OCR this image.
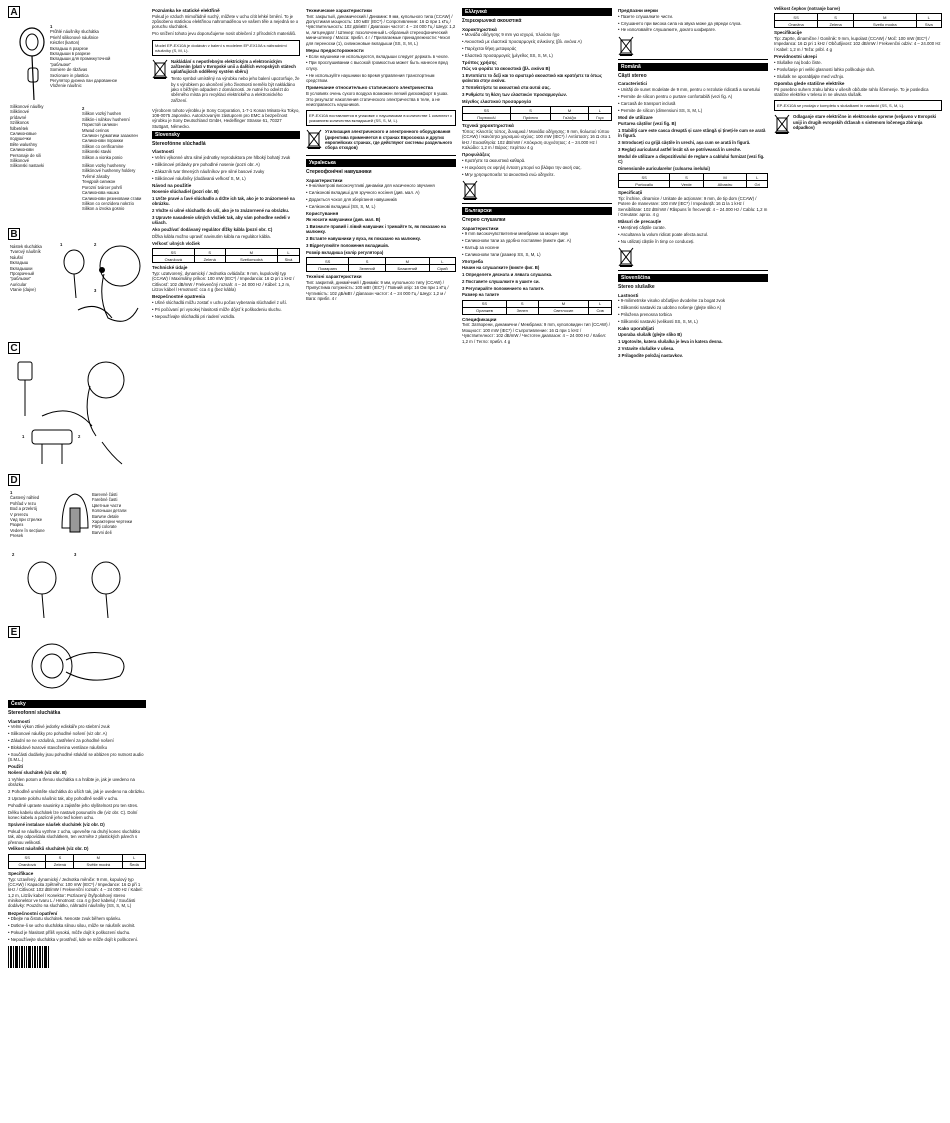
A
1
Průhlé náušníky sluchátka
Priehľ silikonové náušnice
Készlet (karton)
Вкладыш в разрезе
Вкладыши в разрезе
Вкладыши для промежуточной
"рабльоки"
Somiere de răzăvas
Sezionare in plastica
Регулятор диэнна пан дарованное
Vloženie náušnic
Silikonové náušky
Silikónové
prídavné
Szilikonos
fülbetétek
Силиконовые
подушечки
Bête walushny
Силиконови
Personaje de sili
Silikonové
Silikonski nastavki
2
Silikon vozký hushen
Silikón-i náhkov hushenní
Пористой силикон
Mīwad cerinos
Силикон гурматики зазаклен
Силиконови поражки
Silikon co cerificamine
Silikonski stavki
Silikon a vionka ponio
Silikon vozky hushenny
Silikónové hushenny holdery
Tvěrné zásoby
Тендрой силикон
Porozní tvárcer pohrlí
Силиконова нашка
Силиконови резиновани стави
Silikon co cenzidera nokrzio
Silikon a izvoka gosnio
B
Nástek sluchátka
Tvarový náušník
Náušní
Вкладыш
Вкладышки
Прозрачный
"рабльоки"
Auricular
Vtanie (dajve)
1	2
3
C
1	2
D
1
Častený náhled
Pohľad v rezu
Bod a przekrój
V prerezu
Vид при стрелке
Разрез
Vedere în secțiune
Presek
Barevné části
Farebné časti
Цветные части
Колоньши детали
Barwne detale
Характерни чертежи
Părți colorate
Barvni deli
2	3
E
Česky
Stereofonní sluchátka
Vlastnosti

• Velmi výkon ztlivé jedorky ediskáře pro stiebrní zvuk

• Silikonové náušky pro pohodlné nošení (viz obr. A)

• Záludní se ne vzdušná, zastřelení za pohodlné nošení

• Blokádové tvarové stavoženina ventilace náušníku

• Součásti dodávky jsou pohodlné stlukátí se ablázen pro nutnost audio (S.M.L.)

Použití

Nošení sluchátek (viz obr. B)

1 Vyhlen potom a třenou sluchátka s a hrábte je, jak je uvedeno na obrázku.

2 Pohodlně umístěte sluchátka do uších tak, jak je uvedeno na obrázku.

3 Upravte polohu náušnic tak, aby pohodlně seděl v uchu.

Pohodlně upravte nausinky a zajistěte jeho slyšitelnost pro ten stres.

Délku kabelu sluchátek lze nastavit posunutím dle (viz obr. C). Dolní konec kabelu a pazícně jeho teď kolem uchu.

Správné instalace náušek sluchátek (viz obr. D)

Pokud se náušku vytrhne z ucha, upevněte na druhý konec sluchátko tak, aby odpovídala sluchátkem, ten vezměte z plastických párech s přesnou velikostí.

Velikost náušníků sluchátek (viz obr. D)

SS	S	M	L
Oranžová	Zelená	Světle modrá	Šedá
Specifikace

Typ: Uzavřený, dynamický / Jednotka měniče: 9 mm, kopulový typ (CCAW) / Kapacita zpětného: 100 mW (IEC*) / Impedance: 16 Ω při 1 kHz / Citlivost: 102 dB/mW / Frekvenční rozsah: 4 – 24 000 Hz / Kabel: 1,2 m, Litzův kabel / Konektor: Pozlacený čtyřpolohový stereo minikonektor ve tvaru L / Hmotnost: cca 4 g (bez kabelu) / Součásti dodávky: Pouzdro na sluchátko, náhradní náušníky (SS, S, M, L)

Bezpečnostní opatření

• Dbejte na čistotu sluchátek. Nenoste zvuk během spánku.

• Dotkne-li se ucho sluchátka silnou silou, může se náušník uvolnit.

• Pokud je hlasitost příliš vysoká, může dojít k poškození sluchu.

• Nepoužívejte sluchátka v prostředí, kde se může dojít k poškození.

Poznámka ke statické elektřině

Pokud je vzduch mimořádně suchý, můžete v uchu cítit lehké brnění. To je způsobeno statickou elektřinou nahromaděnou ve vašem těle a nejedná se o poruchu sluchátek.

Pro snížení tohoto jevu doporučujeme nosit oblečení z přírodních materiálů.

Model EP-EX10A je dodáván v balení s modelem EP-EX10A s náhradními náušníky (S, M, L).

Nakládání s nepotřebným elektrickým a elektronickým zařízením (platí v Evropské unii a dalších evropských státech uplatňujících oddělený systém sběru)

Tento symbol umístěný na výrobku nebo jeho balení upozorňuje, že by s výrobkem po ukončení jeho životnosti nemělo být nakládáno jako s běžným odpadem z domácnosti. Je nutné ho odvézt do sběrného místa pro recyklaci elektrického a elektronického zařízení.

Výrobcem tohoto výrobku je Sony Corporation, 1-7-1 Konan Minato-ku Tokyo, 108-0075 Japonsko. Autorizovaným zástupcem pro EMC a bezpečnost výrobku je Sony Deutschland GmbH, Hedelfinger Strasse 61, 70327 Stuttgart, Německo.

Slovensky
Stereofónne slúchadlá
Vlastnosti

• Veľmi výkonné ultra silné jednotky reproduktora pre hlboký bohatý zvuk

• Silikónové prídavky pre pohodlné nosenie (pozri obr. A)

• Zákazník tvar tlmených náušníkov pre silné basové zvuky

• Silikónové náušníky (dodávaná veľkosť S, M, L)

Návod na použitie

Nosenie slúchadiel (pozri obr. B)

1 Určte pravé a ľavé slúchadlo a držte ich tak, ako je to znázornené na obrázku.

2 Vložte si ušné slúchadlo do uší, ako je to znázornené na obrázku.

3 Upravte nasadenie ušných vložiek tak, aby vám pohodlne sedeli v ušiach.

Ako používať dodávaný regulátor dĺžky kábla (pozri obr. C)

Dĺžka kábla možno upraviť navinutím kábla na regulátor kábla.

Veľkosť ušných vložiek

SS	S	M	L
Oranžová	Zelená	Svetlomodrá	Sivá
Technické údaje

Typ: uzatvorený, dynamický / Jednotka ovládača: 9 mm, kupolovitý typ (CCAW) / Maximálny príkon: 100 mW (IEC*) / Impedancia: 16 Ω pri 1 kHz / Citlivosť: 102 dB/mW / Frekvenčný rozsah: 4 – 24 000 Hz / Kábel: 1,2 m, Litzov kábel / Hmotnosť: cca 4 g (bez kábla)

Bezpečnostné opatrenia

• Ušné slúchadlá môžu zostať v uchu počas vyberania slúchadiel z uší.

• Pri počúvaní pri vysokej hlasitosti môže dôjsť k poškodeniu sluchu.

• Nepoužívajte slúchadlá pri riadení vozidla.

Технические характеристики

Тип: закрытый, динамический / Динамик: 9 мм, купольного типа (CCAW) / Допустимая мощность: 100 мВт (IEC*) / Сопротивление: 16 Ω при 1 кГц / Чувствительность: 102 дБ/мВт / Диапазон частот: 4 – 24 000 Гц / Шнур: 1,2 м, литцендрат / Штекер: позолоченный L-образный стереофонический мини-штекер / Масса: прибл. 4 г / Прилагаемые принадлежности: Чехол для переноски (1), силиконовые вкладыши (SS, S, M, L)

Меры предосторожности

• Если наушники не используются, вкладыши следует держать в чехле.

• При прослушивании с высокой громкостью может быть нанесен вред слуху.

• Не используйте наушники во время управления транспортным средством.

Примечание относительно статического электричества

В условиях очень сухого воздуха возможен легкий дискомфорт в ушах. Это результат накопления статического электричества в теле, а не неисправность наушников.

EP-EX10A поставляется в упаковке с наушниками в количестве 1 комплект с указанием количества вкладышей (SS, S, M, L).

Утилизация электрического и электронного оборудования (директива применяется в странах Евросоюза и других европейских странах, где действуют системы раздельного сбора отходов)

Українська
Стереофонічні навушники
Характеристики

• 9-міліметрові високочутливі динаміки для насиченого звучання

• Силіконові вкладиші для зручного носіння (див. мал. A)

• Додається чохол для зберігання навушників

• Силіконові вкладиші (SS, S, M, L)

Користування

Як носити навушники (див. мал. B)

1 Визначте правий і лівий навушник і тримайте їх, як показано на малюнку.

2 Вставте навушники у вуха, як показано на малюнку.

3 Відрегулюйте положення вкладишів.

Розмір вкладиша (колір регулятора)

SS	S	M	L
Помаранч	Зелений	Блакитний	Сірий
Технічні характеристики

Тип: закритий, динамічний / Динамік: 9 мм, купольного типу (CCAW) / Припустима потужність: 100 мВт (IEC*) / Повний опір: 16 Ом при 1 кГц / Чутливість: 102 дБ/мВт / Діапазон частот: 4 – 24 000 Гц / Шнур: 1,2 м / Вага: прибл. 4 г

Ελληνικά
Στερεοφωνικά ακουστικά
Χαρακτηριστικά

• Μονάδα οδήγησης 9 mm για ισχυρό, πλούσιο ήχο

• Ακουστικά με ελαστικά προσαρμογείς σιλικόνης (βλ. εικόνα A)

• Παρέχεται θήκη μεταφοράς

• Ελαστικά προσαρμογείς (μέγεθος SS, S, M, L)

Τρόπος χρήσης

Πώς να φοράτε τα ακουστικά (βλ. εικόνα B)

1 Εντοπίστε το δεξί και το αριστερό ακουστικό και κρατήστε τα όπως φαίνεται στην εικόνα.

2 Τοποθετήστε τα ακουστικά στα αυτιά σας.

3 Ρυθμίστε τη θέση των ελαστικών προσαρμογέων.

Μέγεθος ελαστικού προσαρμογέα

SS	S	M	L
Πορτοκαλί	Πράσινο	Γαλάζιο	Γκρι
Τεχνικά χαρακτηριστικά

Τύπος: Κλειστός τύπος, δυναμικά / Μονάδα οδήγησης: 9 mm, θολωτού τύπου (CCAW) / Ικανότητα χειρισμού ισχύος: 100 mW (IEC*) / Αντίσταση: 16 Ω στο 1 kHz / Ευαισθησία: 102 dB/mW / Απόκριση συχνότητας: 4 – 24.000 Hz / Καλώδιο: 1,2 m / Βάρος: περίπου 4 g

Προφυλάξεις

• Κρατήστε τα ακουστικά καθαρά.

• Η ακρόαση σε υψηλή ένταση μπορεί να βλάψει την ακοή σας.

• Μην χρησιμοποιείτε τα ακουστικά ενώ οδηγείτε.

Български
Стерео слушалки
Характеристики

• 9 mm високочувствителни мембрани за мощен звук

• Силиконови тапи за удобно поставяне (вижте фиг. A)

• Калъф за носене

• Силиконови тапи (размер SS, S, M, L)

Употреба

Начин на слушалките (вижте фиг. B)

1 Определете дясната и лявата слушалка.

2 Поставете слушалките в ушите си.

3 Регулирайте положението на тапите.

Размер на тапите

SS	S	M	L
Оранжев	Зелен	Светлосин	Сив
Спецификации

Тип: Затворени, динамични / Мембрана: 9 mm, куполовиден тип (CCAW) / Мощност: 100 mW (IEC*) / Съпротивление: 16 Ω при 1 kHz / Чувствителност: 102 dB/mW / Честотен диапазон: 4 – 24 000 Hz / Кабел: 1,2 m / Тегло: прибл. 4 g

Предпазни мерки

• Пазете слушалките чисти.

• Слушането при висока сила на звука може да увреди слуха.

• Не използвайте слушалките, докато шофирате.

Română
Căști stereo
Caracteristici

• Unități de sunet modelate de 9 mm, pentru o rezolutie ridicată a sunetului

• Permite de silicon pentru o purtare confortabilă (vezi fig. A)

• Carcasă de transport inclusă

• Permite de silicon (dimensiuni SS, S, M, L)

Mod de utilizare

Purtarea căștilor (vezi fig. B)

1 Stabiliți care este casca dreaptă și care stângă și țineți-le cum se arată în figură.

2 Introduceți cu grijă căștile în urechi, așa cum se arată în figură.

3 Reglați auricularul astfel încât să se potrivească în ureche.

Modul de utilizare a dispozitivului de reglare a cablului furnizat (vezi fig. C)

Dimensiunile auricularelor (culoarea inelului)

SS	S	M	L
Portocaliu	Verde	Albastru	Gri
Specificații

Tip: închise, dinamice / Unitate de acționare: 9 mm, de tip dom (CCAW) / Putere de manevrare: 100 mW (IEC*) / Impedanță: 16 Ω la 1 kHz / Sensibilitate: 102 dB/mW / Răspuns în frecvență: 4 – 24.000 Hz / Cablu: 1,2 m / Greutate: aprox. 4 g

Măsuri de precauție

• Mențineți căștile curate.

• Ascultarea la volum ridicat poate afecta auzul.

• Nu utilizați căștile în timp ce conduceți.

Slovenščina
Stereo slušalke
Lastnosti

• 9-milimetrske visoko občutljive dvodelne za bogat zvok

• Silikonski nastavki za udobno nošenje (glejte sliko A)

• Priložena prenosna torbica

• Silikonski nastavki (velikosti SS, S, M, L)

Kako uporabljati

Uporaba slušalk (glejte sliko B)

1 Ugotovite, katera slušalka je leva in katera desna.

2 Vstavite slušalke v ušesa.

3 Prilagodite položaj nastavkov.

Velikost čepkov (notranje barve)

SS	S	M	L
Oranžna	Zelena	Svetlo modra	Siva
Specifikacije

Tip: Zaprte, dinamične / Gonilnik: 9 mm, kupolast (CCAW) / Moč: 100 mW (IEC*) / Impedanca: 16 Ω pri 1 kHz / Občutljivost: 102 dB/mW / Frekvenčni odziv: 4 – 24.000 Hz / Kabel: 1,2 m / Teža: pribl. 4 g

Previdnostni ukrepi

• Slušalke naj bodo čiste.

• Poslušanje pri veliki glasnosti lahko poškoduje sluh.

• Slušalk ne uporabljajte med vožnjo.

Opomba glede statične elektrike

Pri posebno suhem zraku lahko v ušesih občutite rahlo ščemenje. To je posledica statične elektrike v telesu in ne okvara slušalk.

EP-EX10A se prodaja v kompletu s slušalkami in nastavki (SS, S, M, L).

Odlaganje stare električne in elektronske opreme (veljavno v Evropski uniji in drugih evropskih državah s sistemom ločenega zbiranja odpadkov)
